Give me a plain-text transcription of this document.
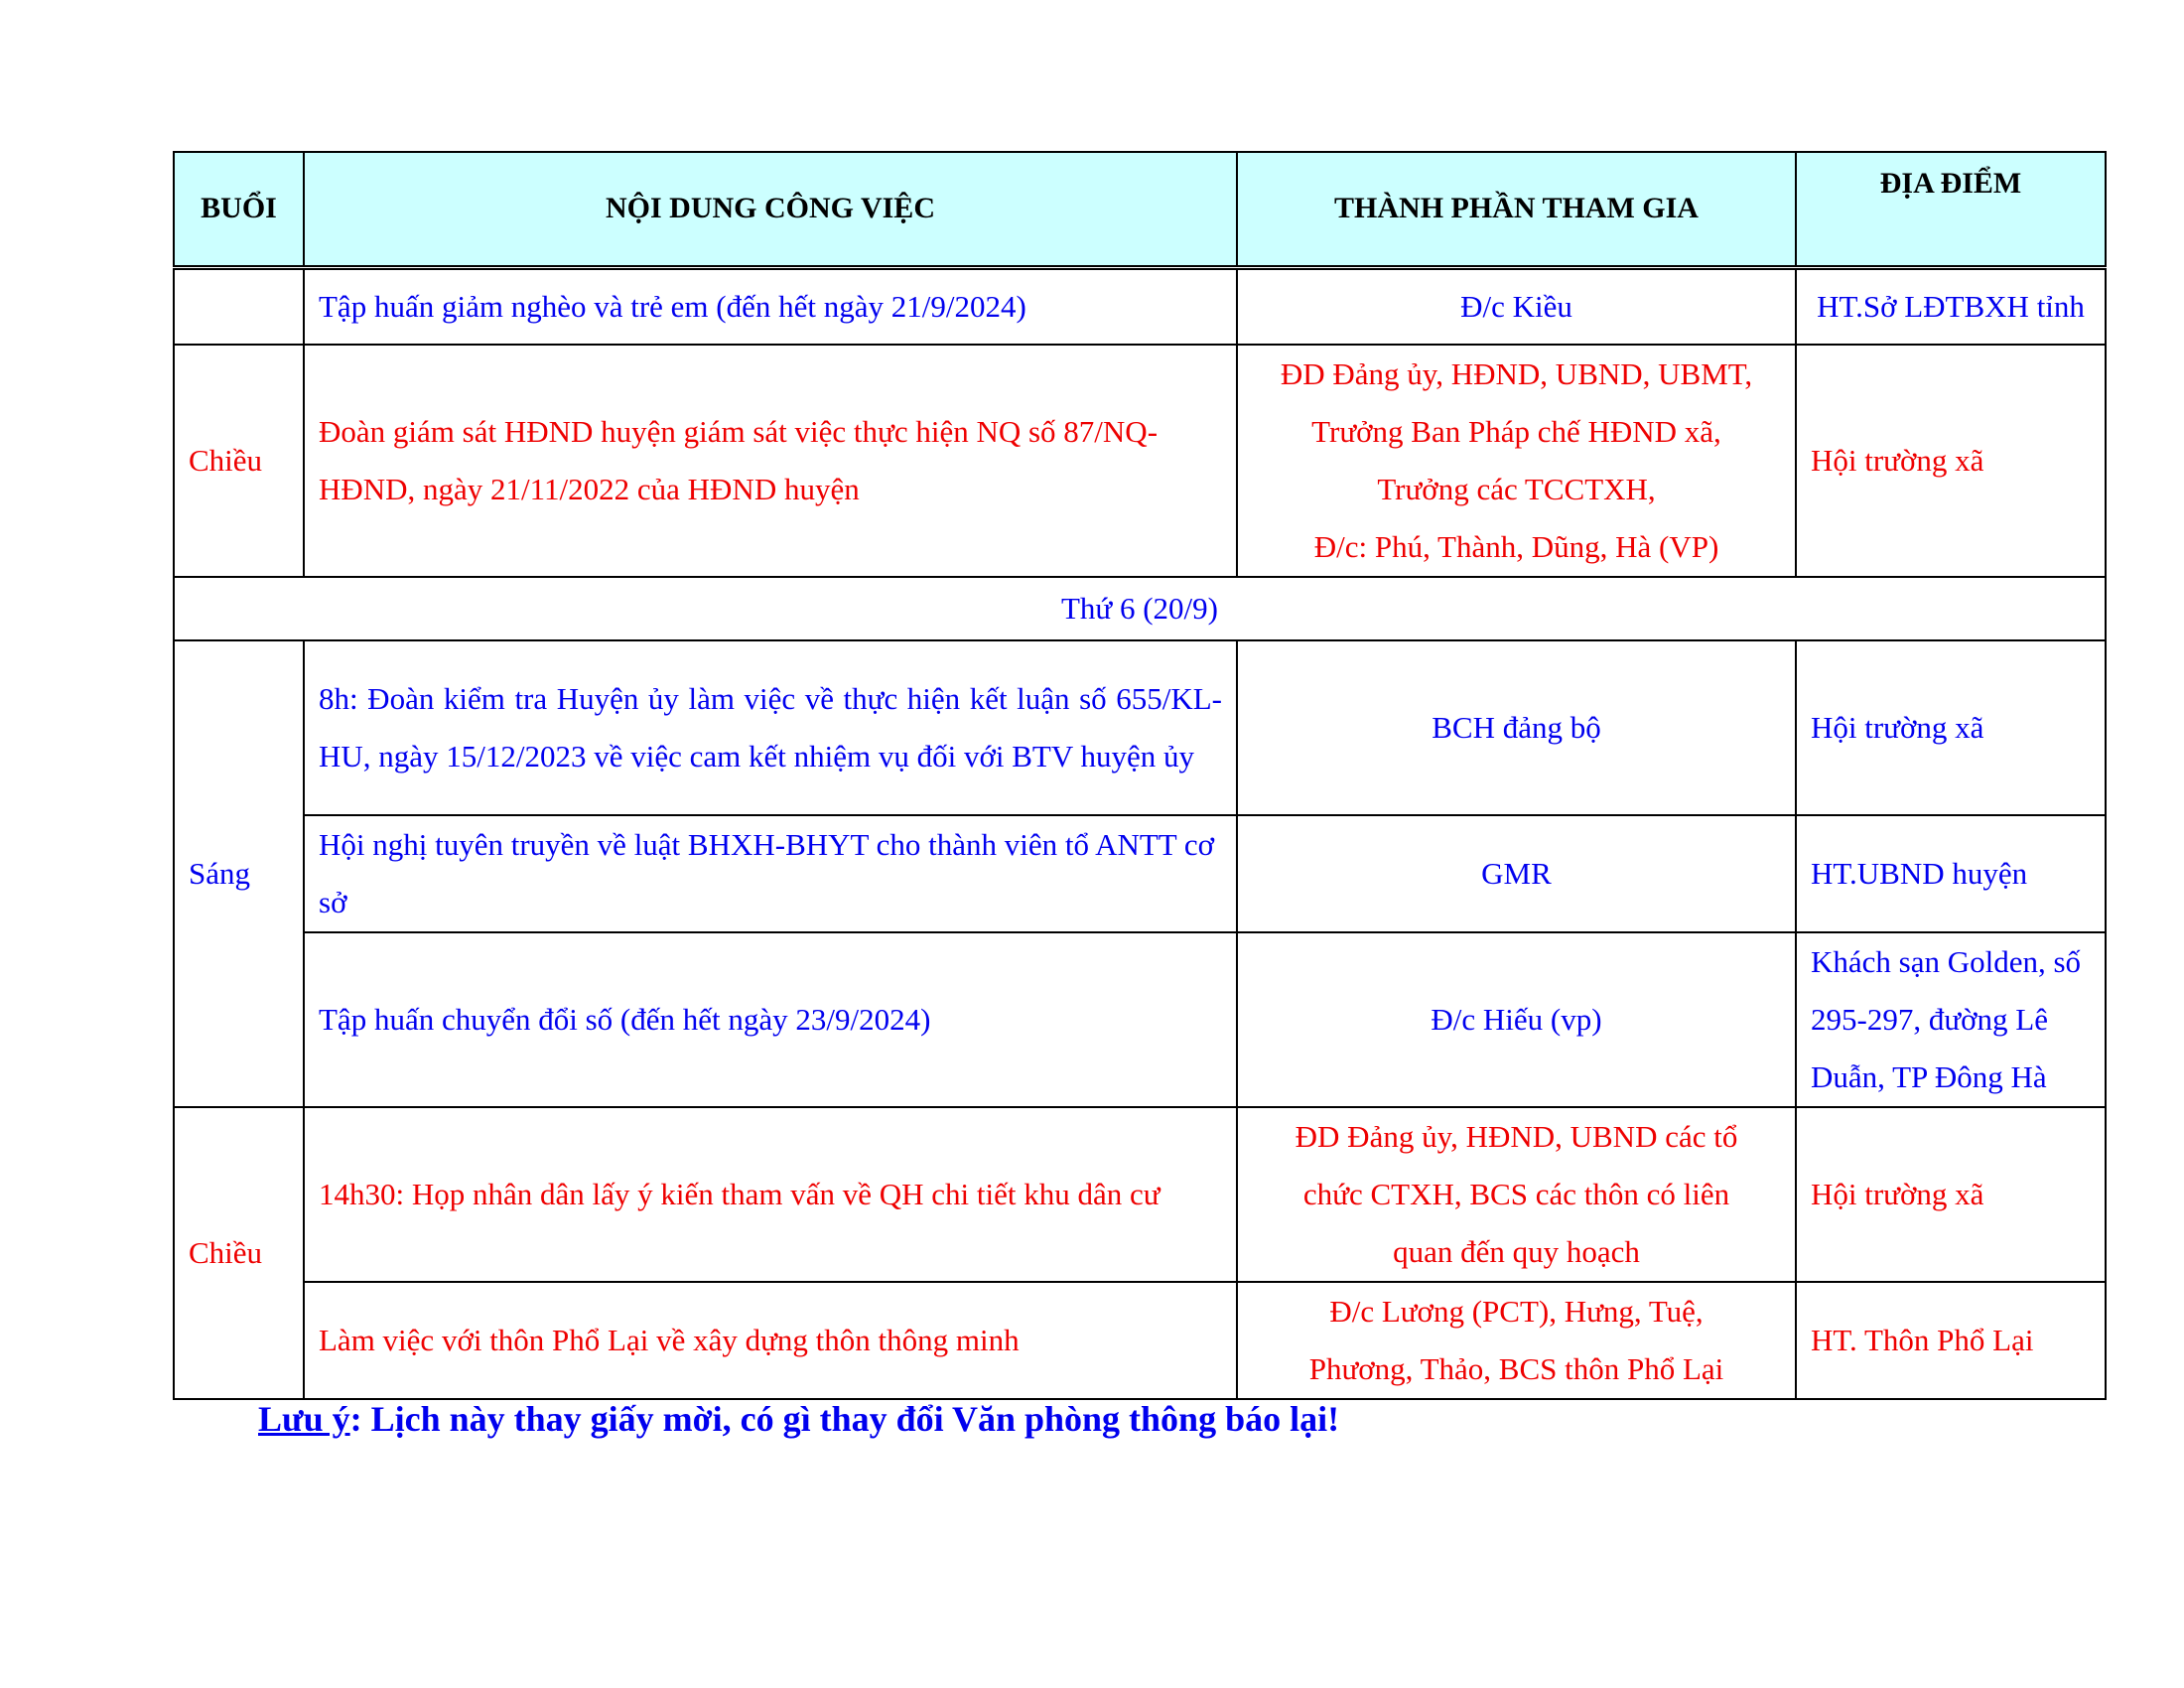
BUỔI	NỘI DUNG CÔNG VIỆC	THÀNH PHẦN THAM GIA	ĐỊA ĐIỂM
	Tập huấn giảm nghèo và trẻ em (đến hết ngày 21/9/2024)	Đ/c Kiều	HT.Sở LĐTBXH tỉnh
Chiều	Đoàn giám sát HĐND huyện giám sát việc thực hiện NQ số 87/NQ-HĐND, ngày 21/11/2022 của HĐND huyện	ĐD Đảng ủy, HĐND, UBND, UBMT,
Trưởng Ban Pháp chế HĐND xã,
Trưởng các TCCTXH,
Đ/c: Phú, Thành, Dũng, Hà (VP)	Hội trường xã
Thứ 6 (20/9)			
Sáng	8h: Đoàn kiểm tra Huyện ủy làm việc về thực hiện kết luận số 655/KL-HU, ngày 15/12/2023 về việc cam kết nhiệm vụ đối với BTV huyện ủy	BCH đảng bộ	Hội trường xã
	Hội nghị tuyên truyền về luật BHXH-BHYT cho thành viên tổ ANTT cơ sở	GMR	HT.UBND huyện
	Tập huấn chuyển đổi số (đến hết ngày 23/9/2024)	Đ/c Hiếu (vp)	Khách sạn Golden, số 295-297, đường Lê Duẫn, TP Đông Hà
Chiều	14h30: Họp nhân dân lấy ý kiến tham vấn về QH chi tiết khu dân cư	ĐD Đảng ủy, HĐND, UBND các tổ chức CTXH, BCS các thôn có liên quan đến quy hoạch	Hội trường xã
	Làm việc với thôn Phổ Lại về xây dựng thôn thông minh	Đ/c Lương (PCT), Hưng, Tuệ, Phương, Thảo, BCS thôn Phổ Lại	HT. Thôn Phổ Lại
Lưu ý: Lịch này thay giấy mời, có gì thay đổi Văn phòng thông báo lại!
